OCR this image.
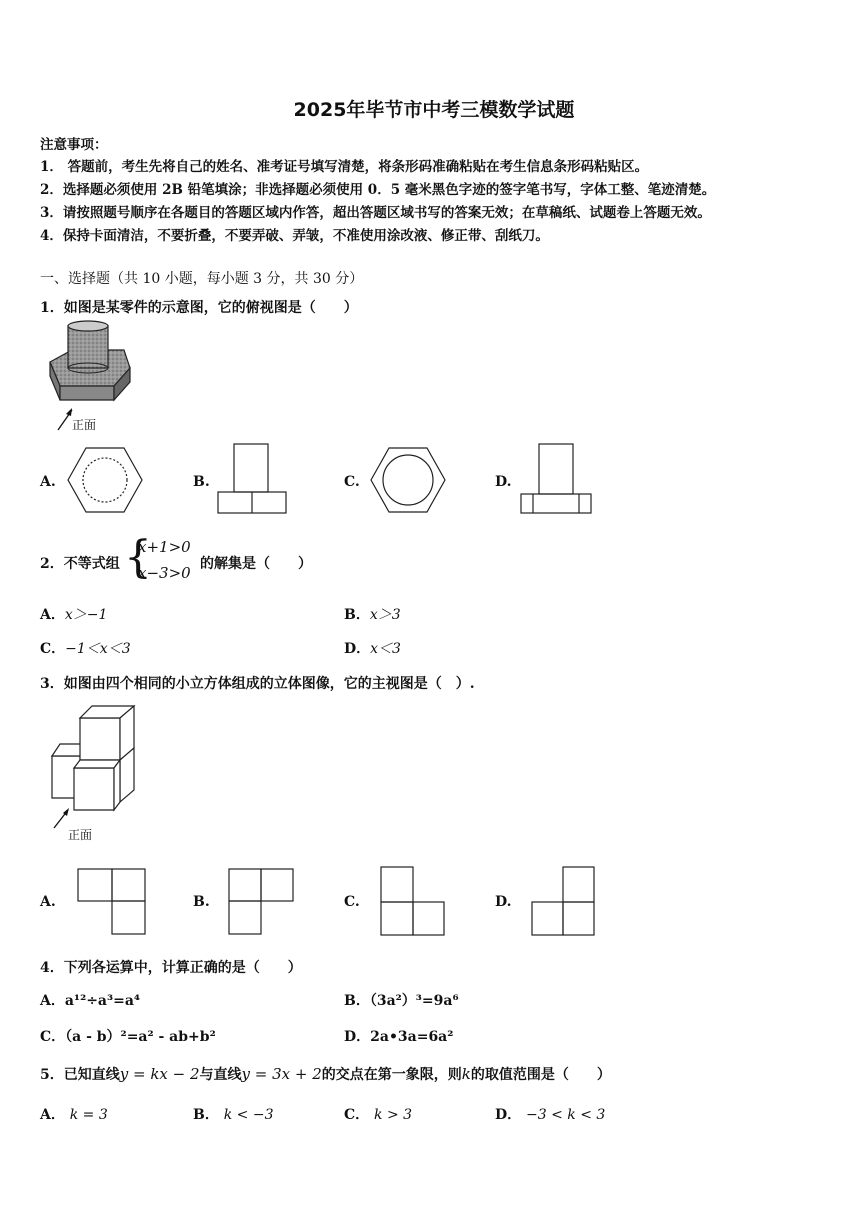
2025年毕节市中考三模数学试题
注意事项：
1． 答题前，考生先将自己的姓名、准考证号填写清楚，将条形码准确粘贴在考生信息条形码粘贴区。
2．选择题必须使用 2B 铅笔填涂；非选择题必须使用 0．5 毫米黑色字迹的签字笔书写，字体工整、笔迹清楚。
3．请按照题号顺序在各题目的答题区域内作答，超出答题区域书写的答案无效；在草稿纸、试题卷上答题无效。
4．保持卡面清洁，不要折叠，不要弄破、弄皱，不准使用涂改液、修正带、刮纸刀。
一、选择题（共 10 小题，每小题 3 分，共 30 分）
1．如图是某零件的示意图，它的俯视图是（　　）
正面
A.	B.	C.	D.
2．不等式组 {
x+1>0
x−3>0 的解集是（　　）
A．x＞−1	B．x＞3
C．−1＜x＜3	D．x＜3
3．如图由四个相同的小立方体组成的立体图像，它的主视图是（　）.
正面
A.	B.	C.	D.
4．下列各运算中，计算正确的是（　　）
A．a¹²÷a³=a⁴	B．（3a²）³=9a⁶
C．（a - b）²=a² - ab+b²	D．2a•3a=6a²
5．已知直线y = kx − 2与直线y = 3x + 2的交点在第一象限，则k的取值范围是（　　）
A． k = 3	B． k < −3	C． k > 3	D． −3 < k < 3
